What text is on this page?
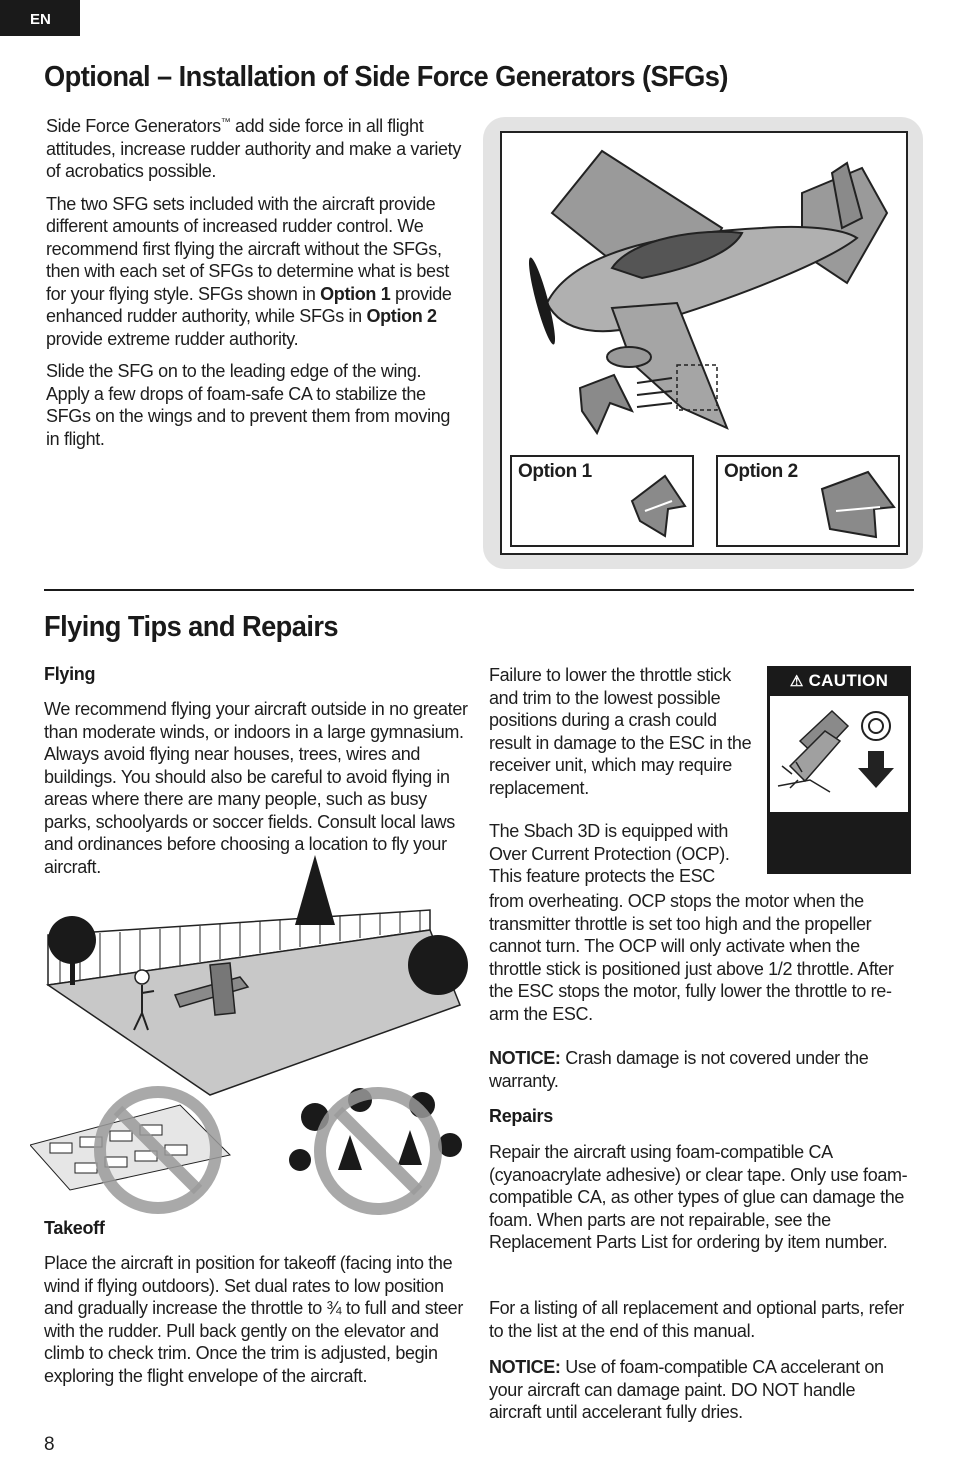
EN
Optional – Installation of Side Force Generators (SFGs)

Side Force Generators™ add side force in all flight attitudes, increase rudder authority and make a variety of acrobatics possible.

The two SFG sets included with the aircraft provide different amounts of increased rudder control. We recommend first flying the aircraft without the SFGs, then with each set of SFGs to determine what is best for your flying style. SFGs shown in Option 1 provide enhanced rudder authority, while SFGs in Option 2 provide extreme rudder authority.

Slide the SFG on to the leading edge of the wing. Apply a few drops of foam-safe CA to stabilize the SFGs on the wings and to prevent them from moving in flight.

Option 1	Option 2
Flying Tips and Repairs
Flying
We recommend flying your aircraft outside in no greater than moderate winds, or indoors in a large gymnasium. Always avoid flying near houses, trees, wires and buildings. You should also be careful to avoid flying in areas where there are many people, such as busy parks, schoolyards or soccer fields. Consult local laws and ordinances before choosing a location to fly your aircraft.
Takeoff
Place the aircraft in position for takeoff (facing into the wind if flying outdoors). Set dual rates to low position and gradually increase the throttle to ¾ to full and steer with the rudder. Pull back gently on the elevator and climb to check trim. Once the trim is adjusted, begin exploring the flight envelope of the aircraft.
Failure to lower the throttle stick and trim to the lowest possible positions during a crash could result in damage to the ESC in the receiver unit, which may require replacement.
⚠ CAUTION
The Sbach 3D is equipped with Over Current Protection (OCP). This feature protects the ESC
from overheating. OCP stops the motor when the transmitter throttle is set too high and the propeller cannot turn. The OCP will only activate when the throttle stick is positioned just above 1/2 throttle. After the ESC stops the motor, fully lower the throttle to re-arm the ESC.
NOTICE: Crash damage is not covered under the warranty.
Repairs
Repair the aircraft using foam-compatible CA (cyanoacrylate adhesive) or clear tape. Only use foam-compatible CA, as other types of glue can damage the foam. When parts are not repairable, see the Replacement Parts List for ordering by item number.
For a listing of all replacement and optional parts, refer to the list at the end of this manual.
NOTICE: Use of foam-compatible CA accelerant on your aircraft can damage paint. DO NOT handle aircraft until accelerant fully dries.
8
